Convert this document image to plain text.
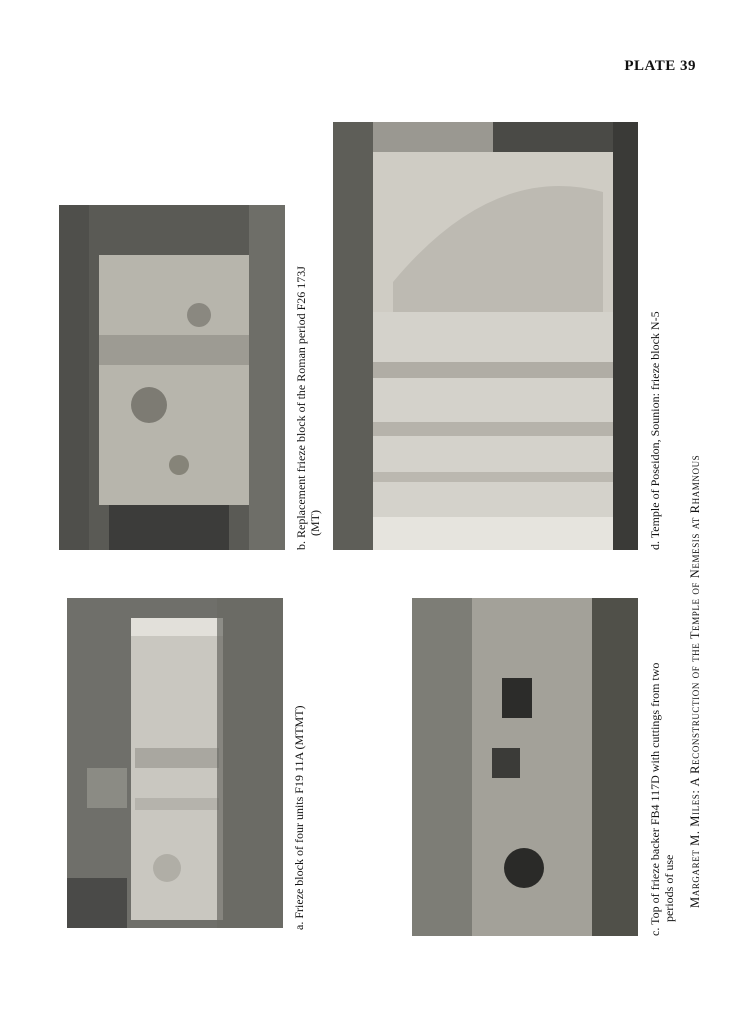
PLATE 39
a. Frieze block of four units F19 11A (MTMT)
b. Replacement frieze block of the Roman period F26 173J (MT)
c. Top of frieze backer FB4 117D with cuttings from two periods of use
d. Temple of Poseidon, Sounion: frieze block N-5
Margaret M. Miles: A Reconstruction of the Temple of Nemesis at Rhamnous
